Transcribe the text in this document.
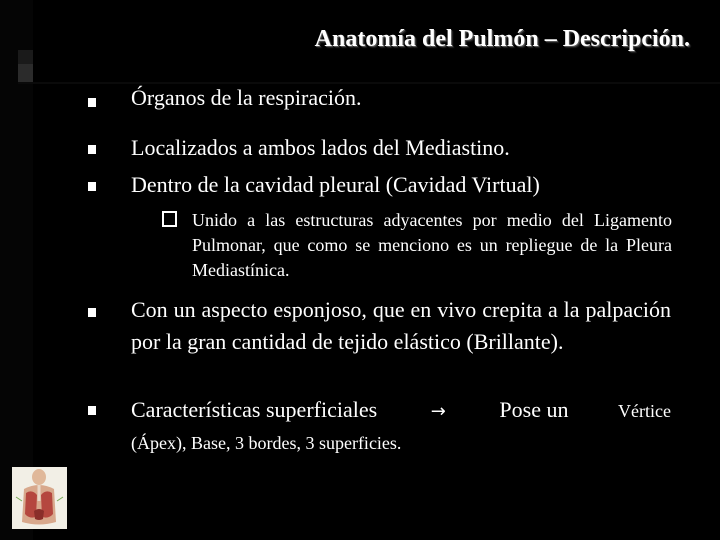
Anatomía del Pulmón – Descripción.
Órganos de la respiración.
Localizados a ambos lados del Mediastino.
Dentro de la cavidad pleural (Cavidad Virtual)
Unido a las estructuras adyacentes por medio del Ligamento Pulmonar, que como se menciono es un repliegue de la Pleura Mediastínica.
Con un aspecto esponjoso, que en vivo crepita a la palpación por la gran cantidad de tejido elástico (Brillante).
Características superficiales	→ Pose un	Vértice
(Ápex), Base, 3 bordes, 3 superficies.
